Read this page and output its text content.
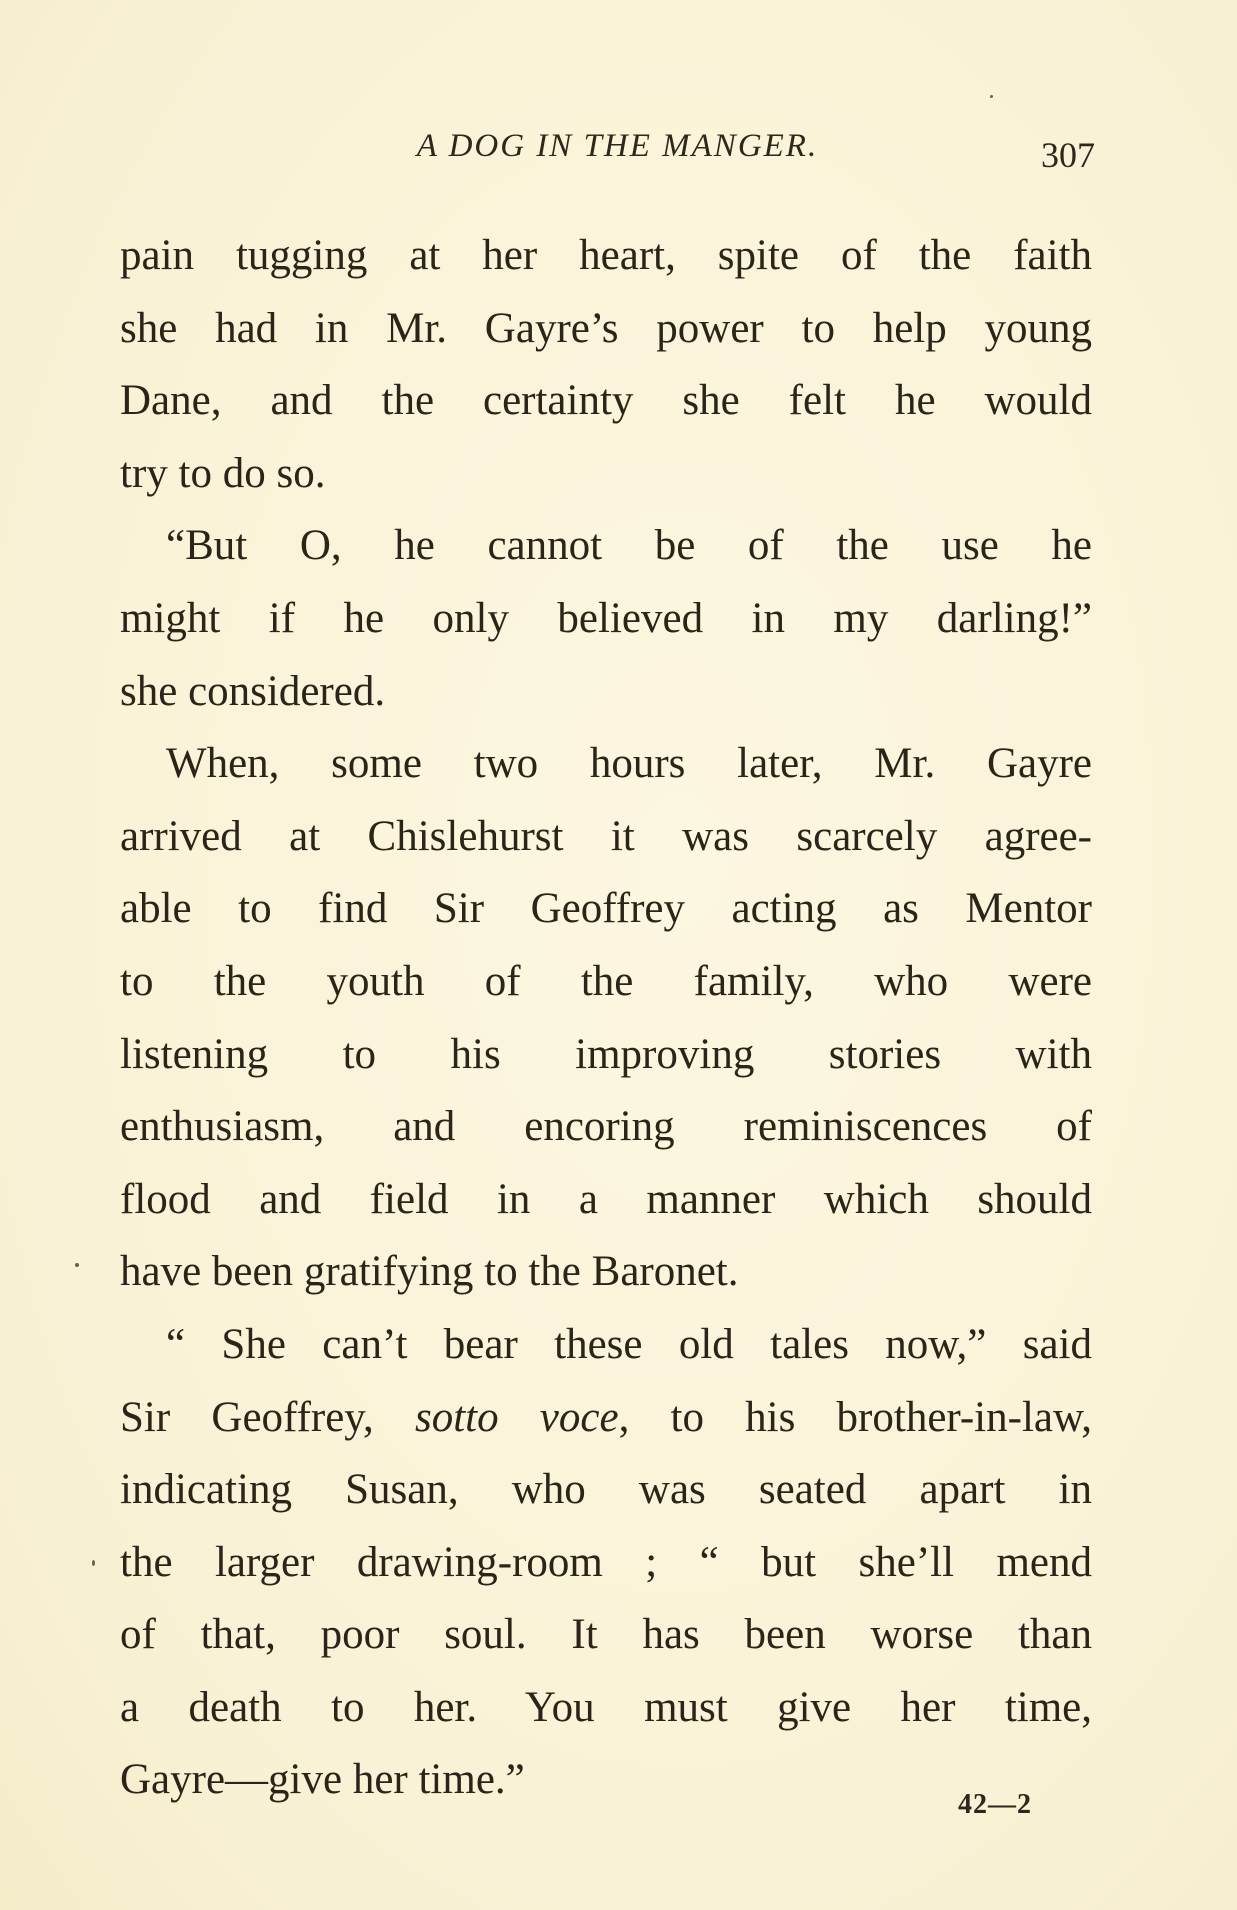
A DOG IN THE MANGER.	307
pain tugging at her heart, spite of the faith
she had in Mr. Gayre’s power to help young
Dane, and the certainty she felt he would
try to do so.
“But O, he cannot be of the use he
might if he only believed in my darling!”
she considered.
When, some two hours later, Mr. Gayre
arrived at Chislehurst it was scarcely agree-
able to find Sir Geoffrey acting as Mentor
to the youth of the family, who were
listening to his improving stories with
enthusiasm, and encoring reminiscences of
flood and field in a manner which should
have been gratifying to the Baronet.
“ She can’t bear these old tales now,” said
Sir Geoffrey, sotto voce, to his brother-in-law,
indicating Susan, who was seated apart in
the larger drawing-room ; “ but she’ll mend
of that, poor soul. It has been worse than
a death to her. You must give her time,
Gayre—give her time.”
42—2
